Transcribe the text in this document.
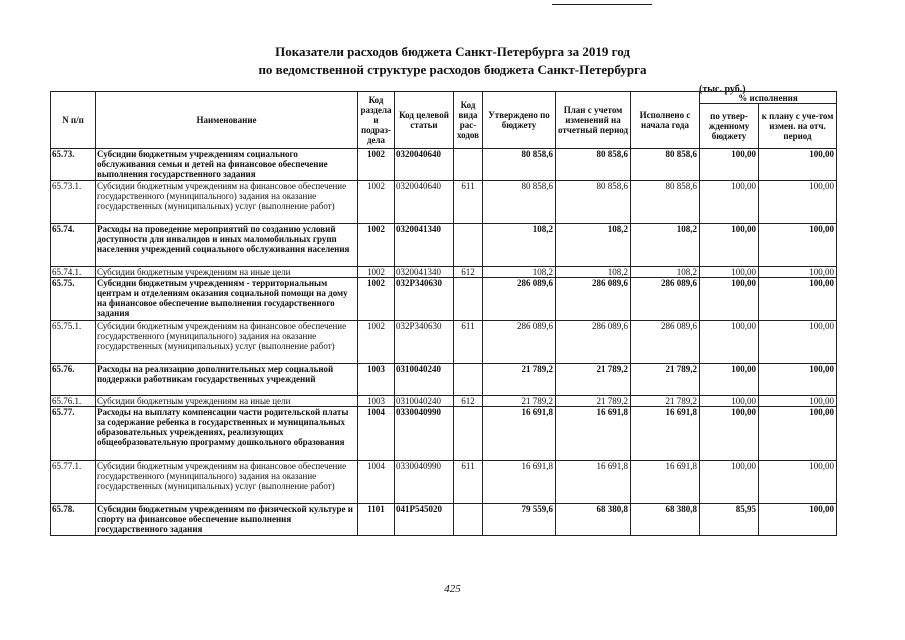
Показатели расходов бюджета Санкт-Петербурга за 2019 год
по ведомственной структуре расходов бюджета Санкт-Петербурга
(тыс. руб.)
N п/п	Наименование	Код раздела и подраз-дела	Код целевой статьи	Код вида рас-ходов	Утверждено по бюджету	План с учетом изменений на отчетный период	Исполнено с начала года	% исполнения	
								по утвер-жденному бюджету	к плану с уче-том измен. на отч. период
65.73.	Субсидии бюджетным учреждениям социального обслуживания семьи и детей на финансовое обеспечение выполнения государственного задания	1002	0320040640		80 858,6	80 858,6	80 858,6	100,00	100,00
65.73.1.	Субсидии бюджетным учреждениям на финансовое обеспечение государственного (муниципального) задания на оказание государственных (муниципальных) услуг (выполнение работ)	1002	0320040640	611	80 858,6	80 858,6	80 858,6	100,00	100,00
65.74.	Расходы на проведение мероприятий по созданию условий доступности для инвалидов и иных маломобильных групп населения учреждений социального обслуживания населения	1002	0320041340		108,2	108,2	108,2	100,00	100,00
65.74.1.	Субсидии бюджетным учреждениям на иные цели	1002	0320041340	612	108,2	108,2	108,2	100,00	100,00
65.75.	Субсидии бюджетным учреждениям - территориальным центрам и отделениям оказания социальной помощи на дому на финансовое обеспечение выполнения государственного задания	1002	032P340630		286 089,6	286 089,6	286 089,6	100,00	100,00
65.75.1.	Субсидии бюджетным учреждениям на финансовое обеспечение государственного (муниципального) задания на оказание государственных (муниципальных) услуг (выполнение работ)	1002	032P340630	611	286 089,6	286 089,6	286 089,6	100,00	100,00
65.76.	Расходы на реализацию дополнительных мер социальной поддержки работникам государственных учреждений	1003	0310040240		21 789,2	21 789,2	21 789,2	100,00	100,00
65.76.1.	Субсидии бюджетным учреждениям на иные цели	1003	0310040240	612	21 789,2	21 789,2	21 789,2	100,00	100,00
65.77.	Расходы на выплату компенсации части родительской платы за содержание ребенка в государственных и муниципальных образовательных учреждениях, реализующих общеобразовательную программу дошкольного образования	1004	0330040990		16 691,8	16 691,8	16 691,8	100,00	100,00
65.77.1.	Субсидии бюджетным учреждениям на финансовое обеспечение государственного (муниципального) задания на оказание государственных (муниципальных) услуг (выполнение работ)	1004	0330040990	611	16 691,8	16 691,8	16 691,8	100,00	100,00
65.78.	Субсидии бюджетным учреждениям по физической культуре и спорту на финансовое обеспечение выполнения государственного задания	1101	041P545020		79 559,6	68 380,8	68 380,8	85,95	100,00
425
